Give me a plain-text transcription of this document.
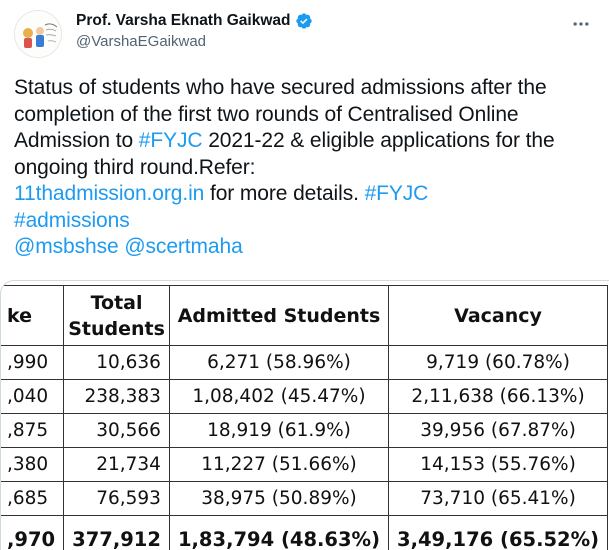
Prof. Varsha Eknath Gaikwad
@VarshaEGaikwad
Status of students who have secured admissions after the completion of the first two rounds of Centralised Online Admission to #FYJC 2021-22 & eligible applications for the ongoing third round.Refer:
11thadmission.org.in for more details. #FYJC
#admissions
@msbshse @scertmaha
ke	Total Students	Admitted Students	Vacancy
,990	10,636	6,271 (58.96%)	9,719 (60.78%)
,040	238,383	1,08,402 (45.47%)	2,11,638 (66.13%)
,875	30,566	18,919 (61.9%)	39,956 (67.87%)
,380	21,734	11,227 (51.66%)	14,153 (55.76%)
,685	76,593	38,975 (50.89%)	73,710 (65.41%)
,970	377,912	1,83,794 (48.63%)	3,49,176 (65.52%)
